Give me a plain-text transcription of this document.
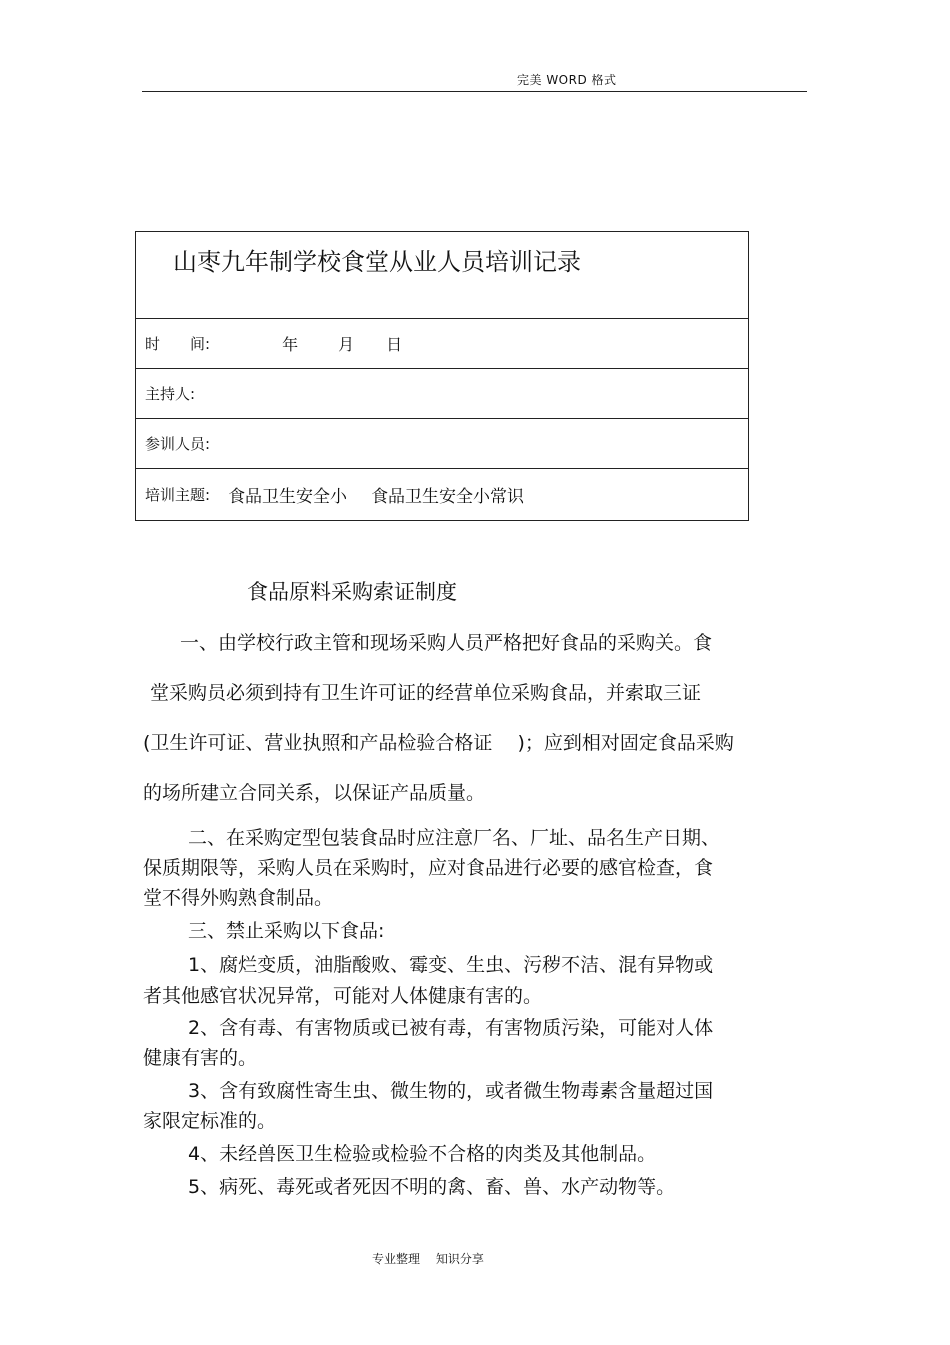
完美 WORD 格式
山枣九年制学校食堂从业人员培训记录
时　　间:	年	月 日
主持人:
参训人员:
培训主题: 食品卫生安全小 食品卫生安全小常识
食品原料采购索证制度
一、由学校行政主管和现场采购人员严格把好食品的采购关。食
堂采购员必须到持有卫生许可证的经营单位采购食品，并索取三证
(卫生许可证、营业执照和产品检验合格证　 )；应到相对固定食品采购
的场所建立合同关系，以保证产品质量。
二、在采购定型包装食品时应注意厂名、厂址、品名生产日期、
保质期限等，采购人员在采购时，应对食品进行必要的感官检查，食
堂不得外购熟食制品。
三、禁止采购以下食品:
1、腐烂变质，油脂酸败、霉变、生虫、污秽不洁、混有异物或
者其他感官状况异常，可能对人体健康有害的。
2、含有毒、有害物质或已被有毒，有害物质污染，可能对人体
健康有害的。
3、含有致腐性寄生虫、微生物的，或者微生物毒素含量超过国
家限定标准的。
4、未经兽医卫生检验或检验不合格的肉类及其他制品。
5、病死、毒死或者死因不明的禽、畜、兽、水产动物等。
专业整理　 知识分享
